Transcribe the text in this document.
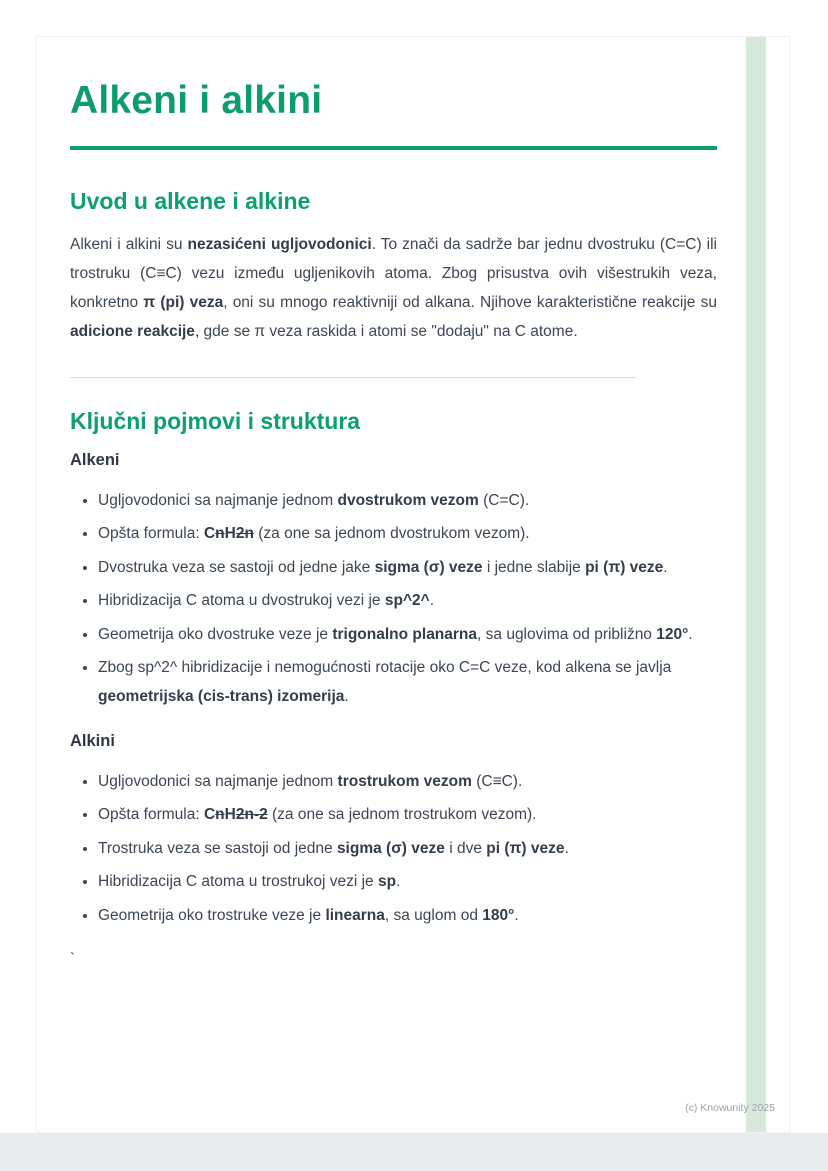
Alkeni i alkini
Uvod u alkene i alkine

Alkeni i alkini su nezasićeni ugljovodonici. To znači da sadrže bar jednu dvostruku (C=C) ili trostruku (C≡C) vezu između ugljenikovih atoma. Zbog prisustva ovih višestrukih veza, konkretno π (pi) veza, oni su mnogo reaktivniji od alkana. Njihove karakteristične reakcije su adicione reakcije, gde se π veza raskida i atomi se "dodaju" na C atome.

Ključni pojmovi i struktura
Alkeni
• Ugljovodonici sa najmanje jednom dvostrukom vezom (C=C).
• Opšta formula: CnH2n (za one sa jednom dvostrukom vezom).
• Dvostruka veza se sastoji od jedne jake sigma (σ) veze i jedne slabije pi (π) veze.
• Hibridizacija C atoma u dvostrukoj vezi je sp^2^.
• Geometrija oko dvostruke veze je trigonalno planarna, sa uglovima od približno 120°.
• Zbog sp^2^ hibridizacije i nemogućnosti rotacije oko C=C veze, kod alkena se javlja geometrijska (cis-trans) izomerija.
Alkini
• Ugljovodonici sa najmanje jednom trostrukom vezom (C≡C).
• Opšta formula: CnH2n-2 (za one sa jednom trostrukom vezom).
• Trostruka veza se sastoji od jedne sigma (σ) veze i dve pi (π) veze.
• Hibridizacija C atoma u trostrukoj vezi je sp.
• Geometrija oko trostruke veze je linearna, sa uglom od 180°.
`
(c) Knowunity 2025
